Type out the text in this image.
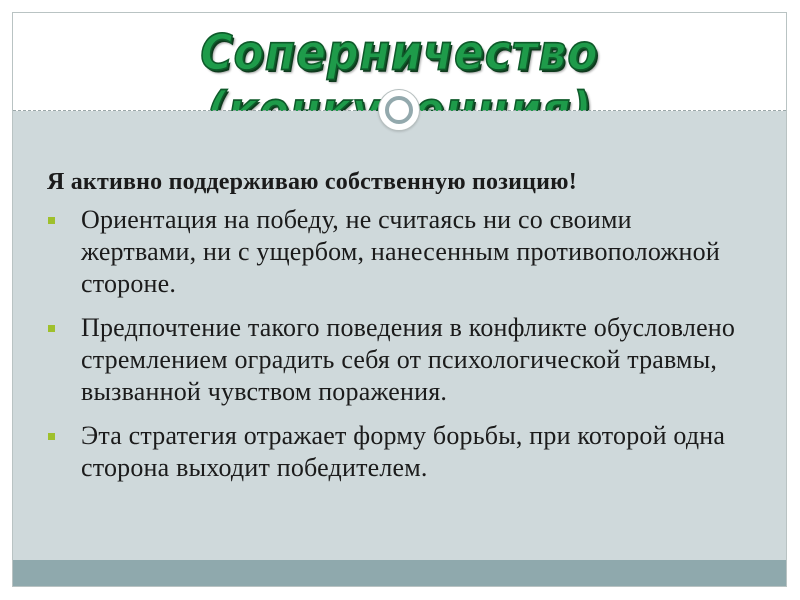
Соперничество

Я активно поддерживаю собственную позицию!

Ориентация на победу, не считаясь ни со своими жертвами, ни с ущербом, нанесенным противоположной стороне.
Предпочтение такого поведения в конфликте обусловлено стремлением оградить себя от психологической травмы, вызванной чувством поражения.
Эта стратегия отражает форму борьбы, при которой одна сторона выходит победителем.
